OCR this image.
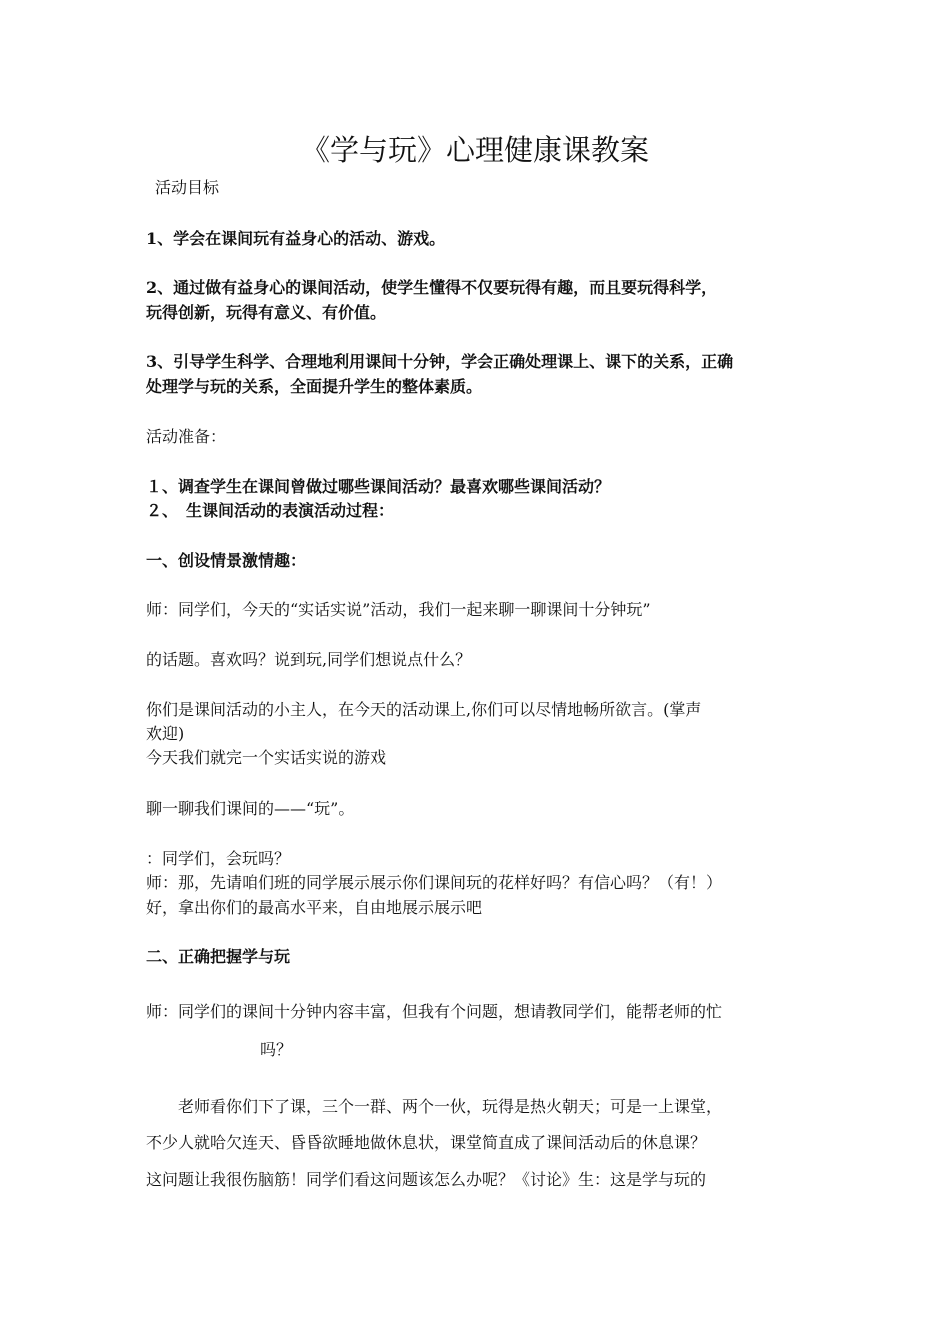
《学与玩》心理健康课教案
活动目标
1、学会在课间玩有益身心的活动、游戏。
2、通过做有益身心的课间活动，使学生懂得不仅要玩得有趣，而且要玩得科学，
玩得创新，玩得有意义、有价值。
3、引导学生科学、合理地利用课间十分钟，学会正确处理课上、课下的关系，正确
处理学与玩的关系，全面提升学生的整体素质。
活动准备：
１、调查学生在课间曾做过哪些课间活动？最喜欢哪些课间活动？
２、　生课间活动的表演活动过程：
一、创设情景激情趣：
师：同学们，今天的“实话实说”活动，我们一起来聊一聊课间十分钟玩”
的话题。喜欢吗？说到玩,同学们想说点什么？
你们是课间活动的小主人，在今天的活动课上,你们可以尽情地畅所欲言。(掌声
欢迎)
今天我们就完一个实话实说的游戏
聊一聊我们课间的——“玩”。
：同学们，会玩吗？
师：那，先请咱们班的同学展示展示你们课间玩的花样好吗？有信心吗？（有！）
好，拿出你们的最高水平来，自由地展示展示吧
二、正确把握学与玩
师：同学们的课间十分钟内容丰富，但我有个问题，想请教同学们，能帮老师的忙
吗？
老师看你们下了课，三个一群、两个一伙，玩得是热火朝天；可是一上课堂，
不少人就哈欠连天、昏昏欲睡地做休息状，课堂简直成了课间活动后的休息课？
这问题让我很伤脑筋！同学们看这问题该怎么办呢？《讨论》生：这是学与玩的
